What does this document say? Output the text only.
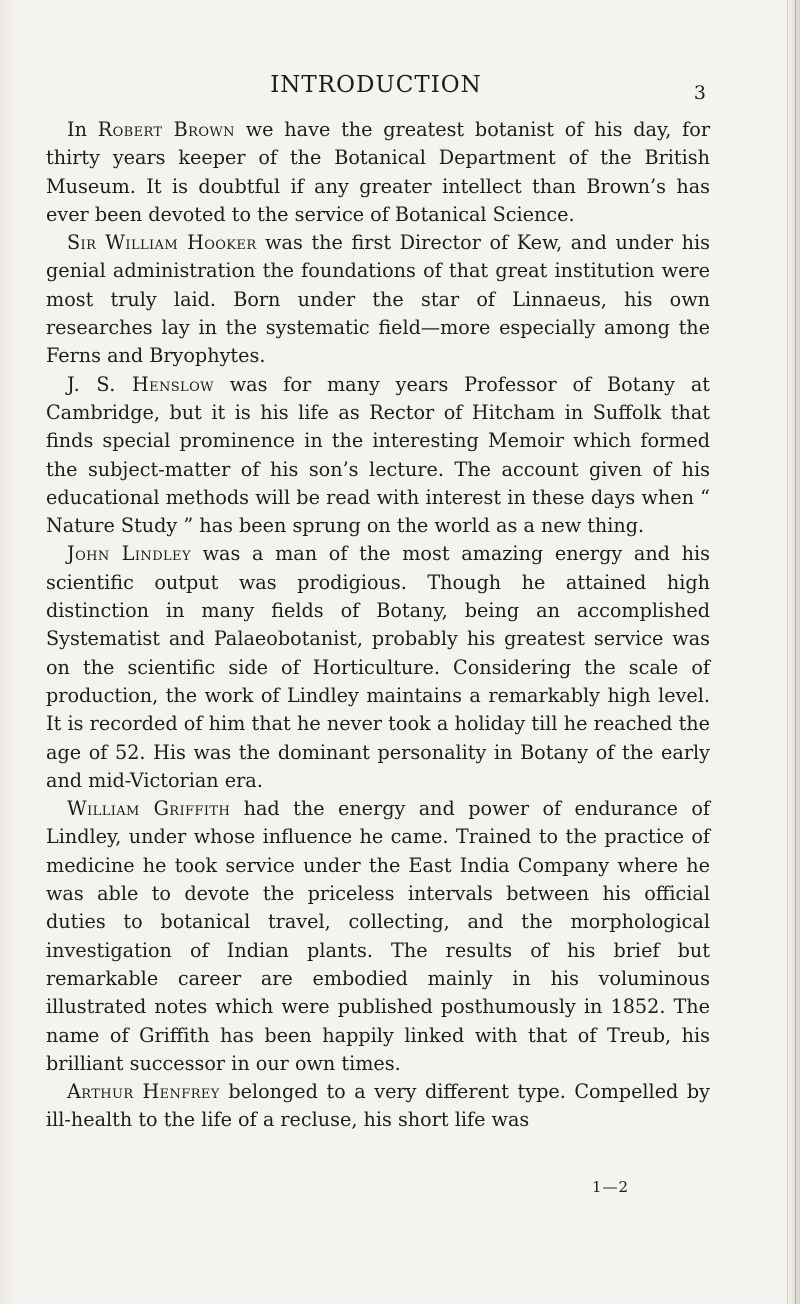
INTRODUCTION	3

In Robert Brown we have the greatest botanist of his day, for thirty years keeper of the Botanical Department of the British Museum. It is doubtful if any greater intellect than Brown’s has ever been devoted to the service of Botanical Science.

Sir William Hooker was the first Director of Kew, and under his genial administration the foundations of that great institution were most truly laid. Born under the star of Linnaeus, his own researches lay in the systematic field—more especially among the Ferns and Bryophytes.

J. S. Henslow was for many years Professor of Botany at Cambridge, but it is his life as Rector of Hitcham in Suffolk that finds special prominence in the interesting Memoir which formed the subject-matter of his son’s lecture. The account given of his educational methods will be read with interest in these days when “ Nature Study ” has been sprung on the world as a new thing.

John Lindley was a man of the most amazing energy and his scientific output was prodigious. Though he attained high distinction in many fields of Botany, being an accomplished Systematist and Palaeobotanist, probably his greatest service was on the scientific side of Horticulture. Considering the scale of production, the work of Lindley maintains a remarkably high level. It is recorded of him that he never took a holiday till he reached the age of 52. His was the dominant personality in Botany of the early and mid-Victorian era.

William Griffith had the energy and power of endurance of Lindley, under whose influence he came. Trained to the practice of medicine he took service under the East India Company where he was able to devote the priceless intervals between his official duties to botanical travel, collecting, and the morphological investigation of Indian plants. The results of his brief but remarkable career are embodied mainly in his voluminous illustrated notes which were published posthumously in 1852. The name of Griffith has been happily linked with that of Treub, his brilliant successor in our own times.

Arthur Henfrey belonged to a very different type. Compelled by ill-health to the life of a recluse, his short life was

1—2
